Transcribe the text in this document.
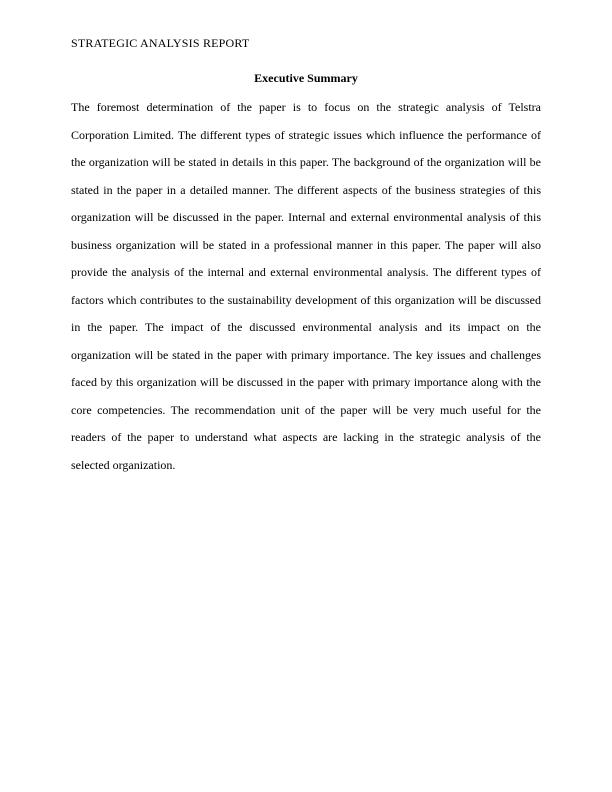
STRATEGIC ANALYSIS REPORT
Executive Summary

The foremost determination of the paper is to focus on the strategic analysis of Telstra Corporation Limited. The different types of strategic issues which influence the performance of the organization will be stated in details in this paper. The background of the organization will be stated in the paper in a detailed manner. The different aspects of the business strategies of this organization will be discussed in the paper. Internal and external environmental analysis of this business organization will be stated in a professional manner in this paper. The paper will also provide the analysis of the internal and external environmental analysis. The different types of factors which contributes to the sustainability development of this organization will be discussed in the paper. The impact of the discussed environmental analysis and its impact on the organization will be stated in the paper with primary importance. The key issues and challenges faced by this organization will be discussed in the paper with primary importance along with the core competencies. The recommendation unit of the paper will be very much useful for the readers of the paper to understand what aspects are lacking in the strategic analysis of the selected organization.
